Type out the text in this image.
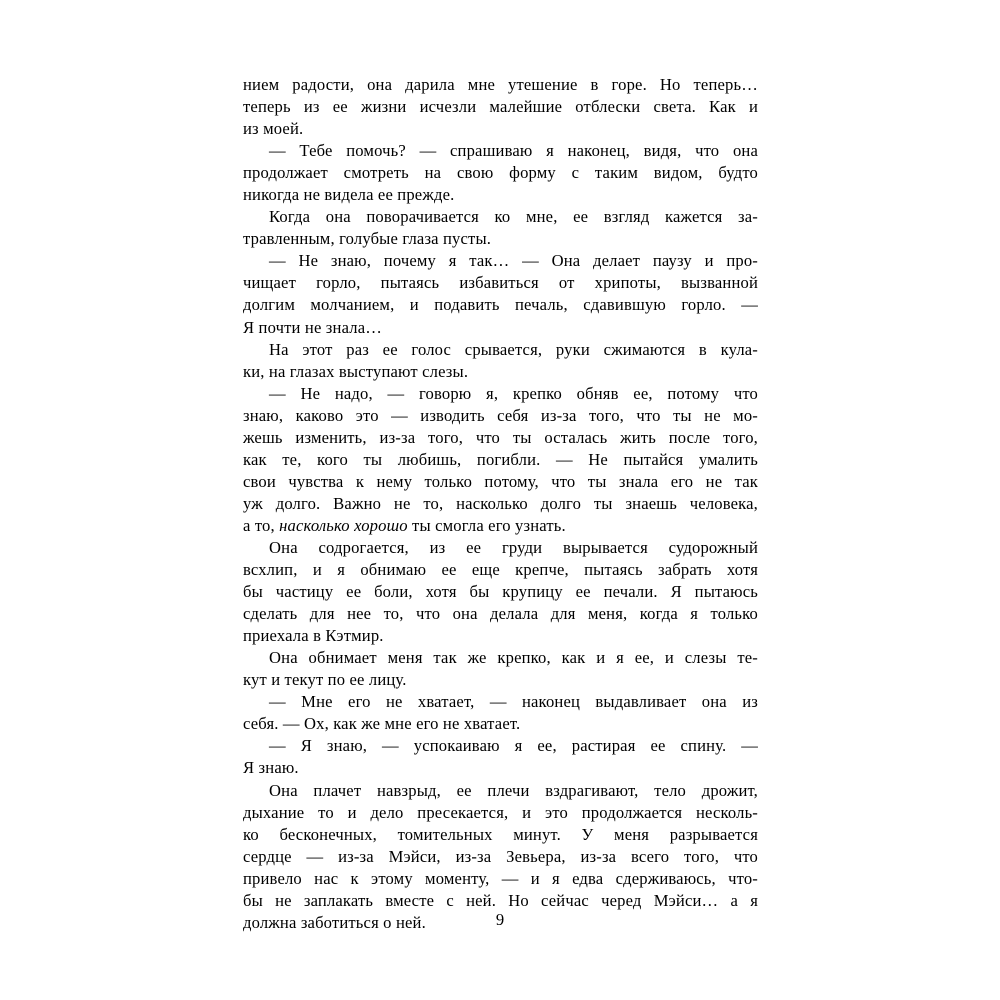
нием радости, она дарила мне утешение в горе. Но теперь…
теперь из ее жизни исчезли малейшие отблески света. Как и
из моей.
— Тебе помочь? — спрашиваю я наконец, видя, что она
продолжает смотреть на свою форму с таким видом, будто
никогда не видела ее прежде.
Когда она поворачивается ко мне, ее взгляд кажется за-
травленным, голубые глаза пусты.
— Не знаю, почему я так… — Она делает паузу и про-
чищает горло, пытаясь избавиться от хрипоты, вызванной
долгим молчанием, и подавить печаль, сдавившую горло. —
Я почти не знала…
На этот раз ее голос срывается, руки сжимаются в кула-
ки, на глазах выступают слезы.
— Не надо, — говорю я, крепко обняв ее, потому что
знаю, каково это — изводить себя из-за того, что ты не мо-
жешь изменить, из-за того, что ты осталась жить после того,
как те, кого ты любишь, погибли. — Не пытайся умалить
свои чувства к нему только потому, что ты знала его не так
уж долго. Важно не то, насколько долго ты знаешь человека,
а то, насколько хорошо ты смогла его узнать.
Она содрогается, из ее груди вырывается судорожный
всхлип, и я обнимаю ее еще крепче, пытаясь забрать хотя
бы частицу ее боли, хотя бы крупицу ее печали. Я пытаюсь
сделать для нее то, что она делала для меня, когда я только
приехала в Кэтмир.
Она обнимает меня так же крепко, как и я ее, и слезы те-
кут и текут по ее лицу.
— Мне его не хватает, — наконец выдавливает она из
себя. — Ох, как же мне его не хватает.
— Я знаю, — успокаиваю я ее, растирая ее спину. —
Я знаю.
Она плачет навзрыд, ее плечи вздрагивают, тело дрожит,
дыхание то и дело пресекается, и это продолжается несколь-
ко бесконечных, томительных минут. У меня разрывается
сердце — из-за Мэйси, из-за Зевьера, из-за всего того, что
привело нас к этому моменту, — и я едва сдерживаюсь, что-
бы не заплакать вместе с ней. Но сейчас черед Мэйси… а я
должна заботиться о ней.	9
